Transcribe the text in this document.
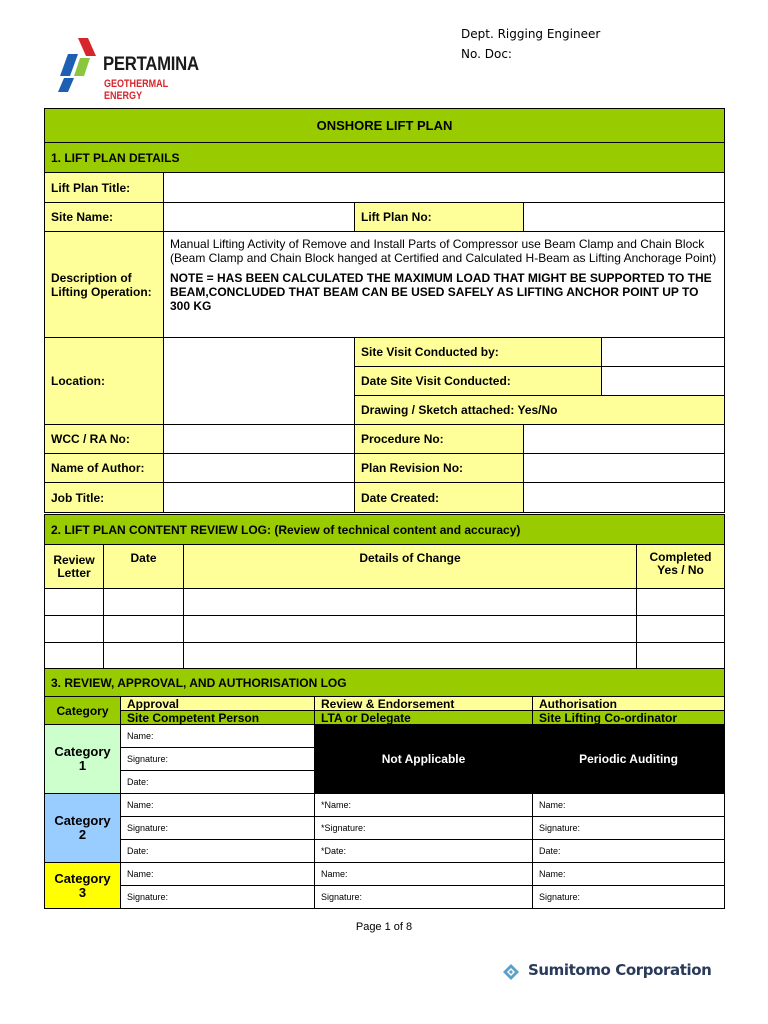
Dept. Rigging Engineer
No. Doc:
PERTAMINA
GEOTHERMAL ENERGY
ONSHORE LIFT PLAN					
1. LIFT PLAN DETAILS					
Lift Plan Title:					
Site Name:		Lift Plan No:			
Description of Lifting Operation:	Manual Lifting Activity of Remove and Install Parts of Compressor use Beam Clamp and Chain Block (Beam Clamp and Chain Block hanged at Certified and Calculated H-Beam as Lifting Anchorage Point)
NOTE = HAS BEEN CALCULATED THE MAXIMUM LOAD THAT MIGHT BE SUPPORTED TO THE BEAM,CONCLUDED THAT BEAM CAN BE USED SAFELY AS LIFTING ANCHOR POINT UP TO 300 KG				

Location:		Site Visit Conducted by:			
		Date Site Visit Conducted:			
		Drawing / Sketch attached: Yes/No			
WCC / RA No:		Procedure No:			
Name of Author:		Plan Revision No:			
Job Title:		Date Created:			
2. LIFT PLAN CONTENT REVIEW LOG: (Review of technical content and accuracy)			
Review Letter	Date	Details of Change	Completed Yes / No

3. REVIEW, APPROVAL, AND AUTHORISATION LOG			
Category	Approval	Review & Endorsement	Authorisation
	Site Competent Person	LTA or Delegate	Site Lifting Co-ordinator
Category 1	Name:	Not Applicable	Periodic Auditing
	Signature:		
	Date:		
Category 2	Name:	*Name:	Name:
	Signature:	*Signature:	Signature:
	Date:	*Date:	Date:
Category 3	Name:	Name:	Name:
	Signature:	Signature:	Signature:
Page 1 of 8
Sumitomo Corporation
